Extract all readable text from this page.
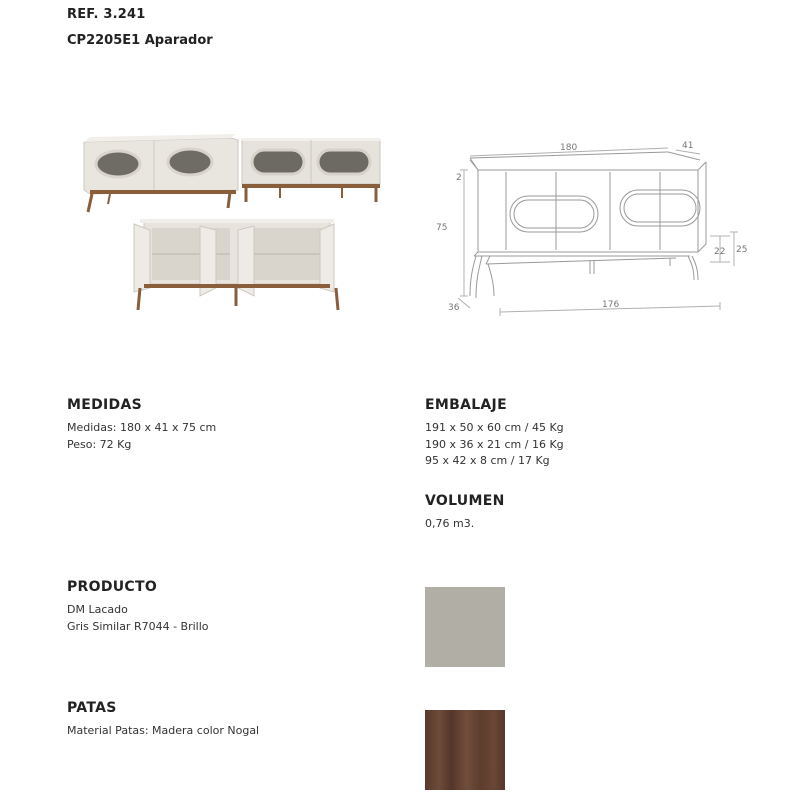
REF. 3.241
CP2205E1 Aparador
180	41
75
2
22 25
36	176
MEDIDAS
Medidas: 180 x 41 x 75 cm
Peso: 72 Kg
EMBALAJE
191 x 50 x 60 cm / 45 Kg
190 x 36 x 21 cm / 16 Kg
95 x 42 x 8 cm / 17 Kg
VOLUMEN
0,76 m3.
PRODUCTO
DM Lacado
Gris Similar R7044 - Brillo
PATAS
Material Patas: Madera color Nogal
